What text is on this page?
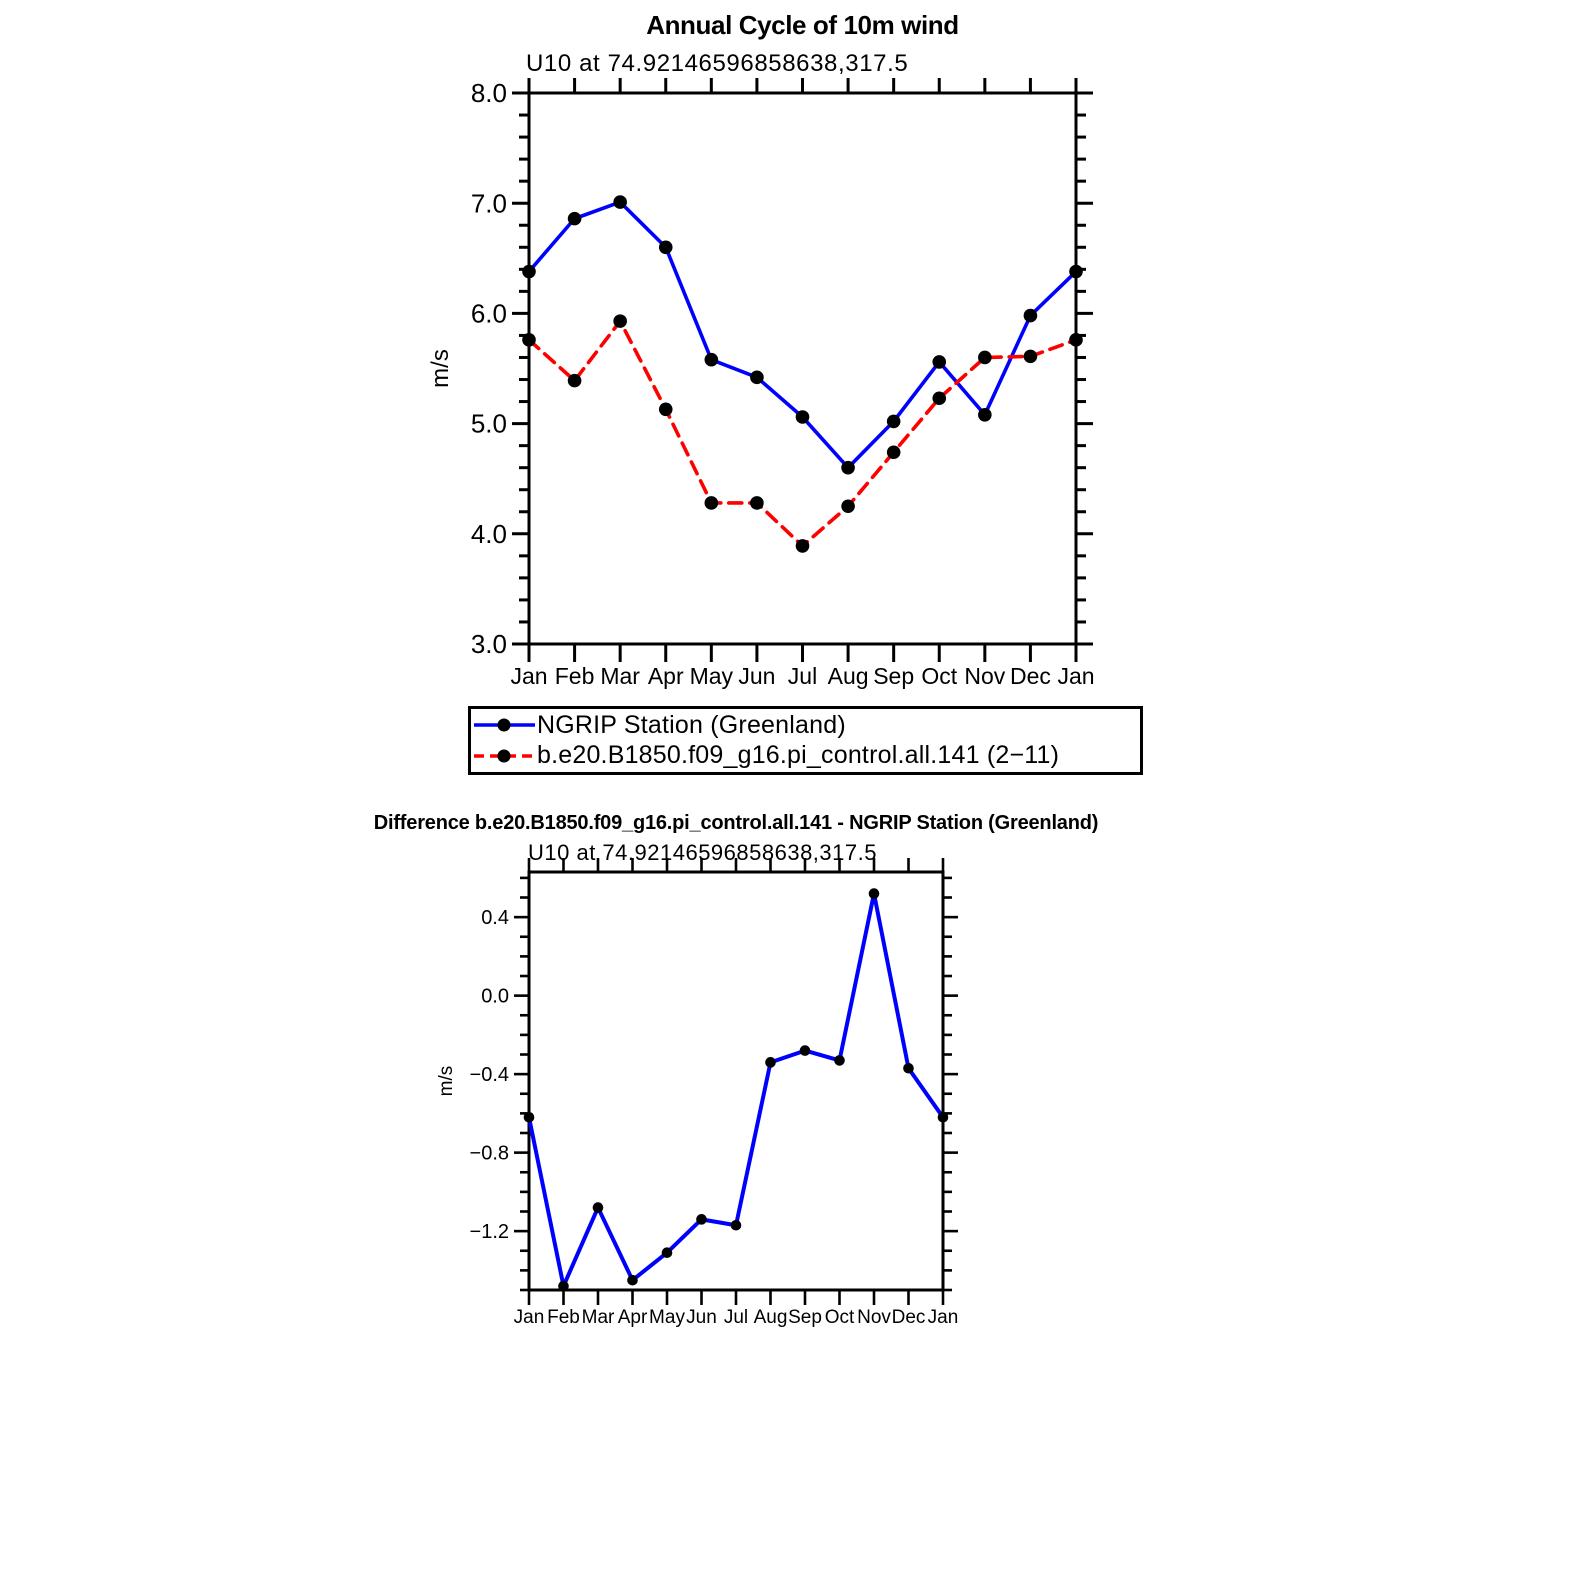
Annual Cycle of 10m wind
U10 at 74.92146596858638,317.5
Jan Feb Mar Apr May Jun Jul Aug Sep Oct Nov Dec Jan
8.0
7.0
6.0
5.0
4.0
3.0
m/s
NGRIP Station (Greenland)
b.e20.B1850.f09_g16.pi_control.all.141 (2−11)
Difference b.e20.B1850.f09_g16.pi_control.all.141 - NGRIP Station (Greenland)
U10 at 74.92146596858638,317.5
Jan Feb Mar Apr May Jun Jul Aug Sep Oct Nov Dec Jan
0.4
0.0
−0.4
−0.8
−1.2
m/s
